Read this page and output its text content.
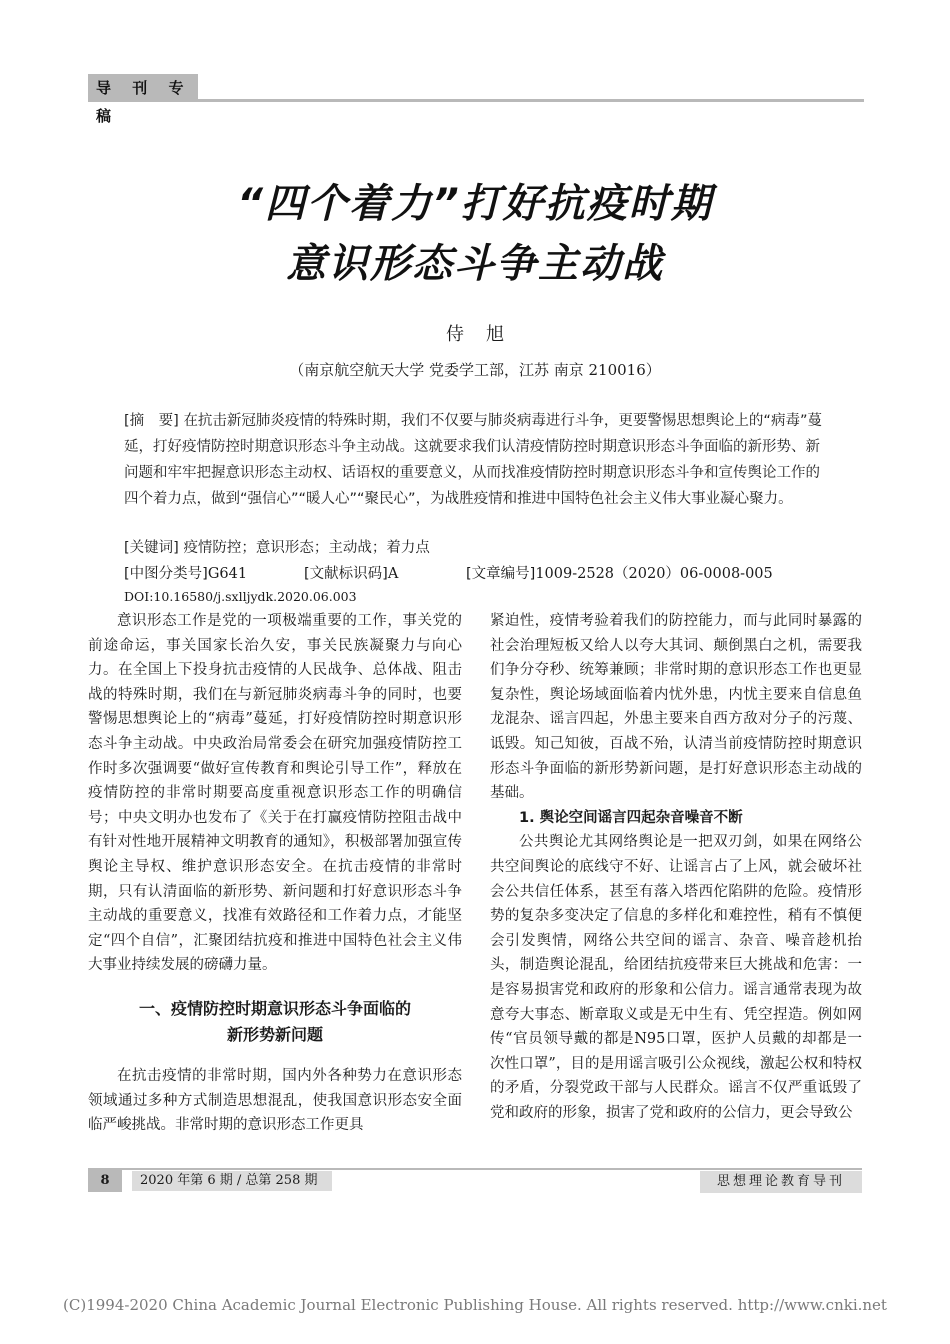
导 刊 专 稿
“四个着力”打好抗疫时期
意识形态斗争主动战
侍旭
（南京航空航天大学 党委学工部，江苏 南京 210016）
[摘　要] 在抗击新冠肺炎疫情的特殊时期，我们不仅要与肺炎病毒进行斗争，更要警惕思想舆论上的“病毒”蔓延，打好疫情防控时期意识形态斗争主动战。这就要求我们认清疫情防控时期意识形态斗争面临的新形势、新问题和牢牢把握意识形态主动权、话语权的重要意义，从而找准疫情防控时期意识形态斗争和宣传舆论工作的四个着力点，做到“强信心”“暖人心”“聚民心”，为战胜疫情和推进中国特色社会主义伟大事业凝心聚力。
[关键词] 疫情防控；意识形态；主动战；着力点
[中图分类号]G641	[文献标识码]A	[文章编号]1009-2528（2020）06-0008-005
DOI:10.16580/j.sxlljydk.2020.06.003

意识形态工作是党的一项极端重要的工作，事关党的前途命运，事关国家长治久安，事关民族凝聚力与向心力。在全国上下投身抗击疫情的人民战争、总体战、阻击战的特殊时期，我们在与新冠肺炎病毒斗争的同时，也要警惕思想舆论上的“病毒”蔓延，打好疫情防控时期意识形态斗争主动战。中央政治局常委会在研究加强疫情防控工作时多次强调要“做好宣传教育和舆论引导工作”，释放在疫情防控的非常时期要高度重视意识形态工作的明确信号；中央文明办也发布了《关于在打赢疫情防控阻击战中有针对性地开展精神文明教育的通知》，积极部署加强宣传舆论主导权、维护意识形态安全。在抗击疫情的非常时期，只有认清面临的新形势、新问题和打好意识形态斗争主动战的重要意义，找准有效路径和工作着力点，才能坚定“四个自信”，汇聚团结抗疫和推进中国特色社会主义伟大事业持续发展的磅礴力量。

一、疫情防控时期意识形态斗争面临的
新形势新问题

在抗击疫情的非常时期，国内外各种势力在意识形态领域通过多种方式制造思想混乱，使我国意识形态安全面临严峻挑战。非常时期的意识形态工作更具

紧迫性，疫情考验着我们的防控能力，而与此同时暴露的社会治理短板又给人以夸大其词、颠倒黑白之机，需要我们争分夺秒、统筹兼顾；非常时期的意识形态工作也更显复杂性，舆论场域面临着内忧外患，内忧主要来自信息鱼龙混杂、谣言四起，外患主要来自西方敌对分子的污蔑、诋毁。知己知彼，百战不殆，认清当前疫情防控时期意识形态斗争面临的新形势新问题，是打好意识形态主动战的基础。

1. 舆论空间谣言四起杂音噪音不断

公共舆论尤其网络舆论是一把双刃剑，如果在网络公共空间舆论的底线守不好、让谣言占了上风，就会破坏社会公共信任体系，甚至有落入塔西佗陷阱的危险。疫情形势的复杂多变决定了信息的多样化和难控性，稍有不慎便会引发舆情，网络公共空间的谣言、杂音、噪音趁机抬头，制造舆论混乱，给团结抗疫带来巨大挑战和危害：一是容易损害党和政府的形象和公信力。谣言通常表现为故意夸大事态、断章取义或是无中生有、凭空捏造。例如网传“官员领导戴的都是N95口罩，医护人员戴的却都是一次性口罩”，目的是用谣言吸引公众视线，激起公权和特权的矛盾，分裂党政干部与人民群众。谣言不仅严重诋毁了党和政府的形象，损害了党和政府的公信力，更会导致公

8	2020 年第 6 期 / 总第 258 期	思想理论教育导刊
(C)1994-2020 China Academic Journal Electronic Publishing House. All rights reserved. http://www.cnki.net
